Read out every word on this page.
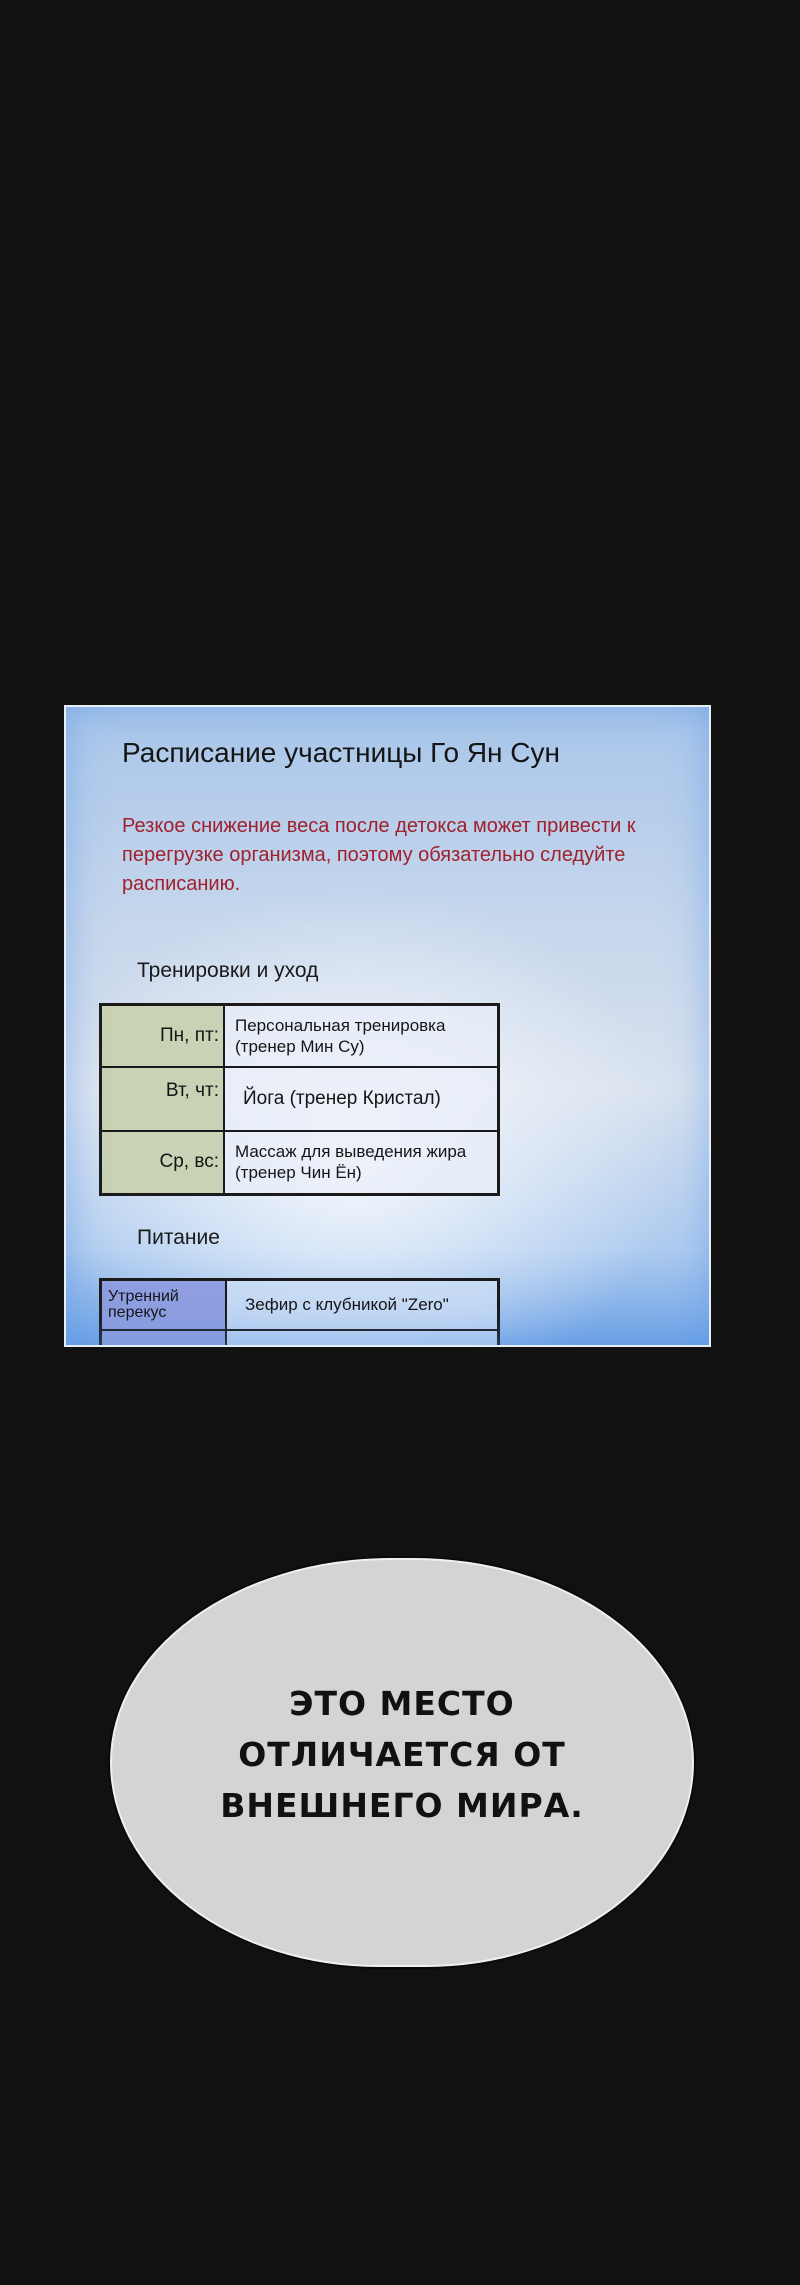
Расписание участницы Го Ян Сун
Резкое снижение веса после детокса может привести к перегрузке организма, поэтому обязательно следуйте расписанию.
Тренировки и уход
Пн, пт:	Персональная тренировка
(тренер Мин Су)

Вт, чт:	Йога (тренер Кристал)

Ср, вс:	Массаж для выведения жира
(тренер Чин Ён)
Питание
Утренний
перекус	Зефир с клубникой "Zero"

ЭТО МЕСТО
ОТЛИЧАЕТСЯ ОТ
ВНЕШНЕГО МИРА.
